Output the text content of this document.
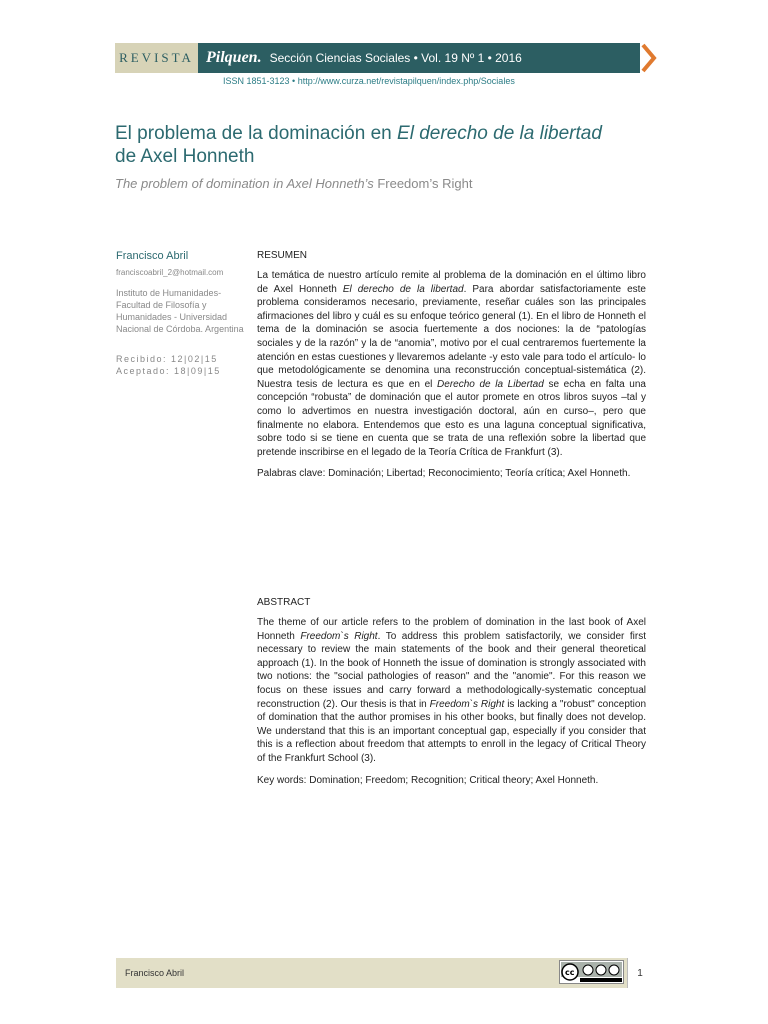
REVISTA Pilquen. Sección Ciencias Sociales • Vol. 19 Nº 1 • 2016
ISSN 1851-3123 • http://www.curza.net/revistapilquen/index.php/Sociales
El problema de la dominación en El derecho de la libertad
de Axel Honneth
The problem of domination in Axel Honneth’s Freedom’s Right
Francisco Abril
franciscoabril_2@hotmail.com
Instituto de Humanidades-Facultad de Filosofía y Humanidades - Universidad Nacional de Córdoba. Argentina
Recibido: 12|02|15
Aceptado: 18|09|15
RESUMEN

La temática de nuestro artículo remite al problema de la dominación en el último libro de Axel Honneth El derecho de la libertad. Para abordar satisfactoriamente este problema consideramos necesario, previamente, reseñar cuáles son las principales afirmaciones del libro y cuál es su enfoque teórico general (1). En el libro de Honneth el tema de la dominación se asocia fuertemente a dos nociones: la de “patologías sociales y de la razón” y la de “anomia”, motivo por el cual centraremos fuertemente la atención en estas cuestiones y llevaremos adelante -y esto vale para todo el artículo- lo que metodológicamente se denomina una reconstrucción conceptual-sistemática (2). Nuestra tesis de lectura es que en el Derecho de la Libertad se echa en falta una concepción “robusta” de dominación que el autor promete en otros libros suyos –tal y como lo advertimos en nuestra investigación doctoral, aún en curso–, pero que finalmente no elabora. Entendemos que esto es una laguna conceptual significativa, sobre todo si se tiene en cuenta que se trata de una reflexión sobre la libertad que pretende inscribirse en el legado de la Teoría Crítica de Frankfurt (3).

Palabras clave: Dominación; Libertad; Reconocimiento; Teoría crítica; Axel Honneth.
ABSTRACT

The theme of our article refers to the problem of domination in the last book of Axel Honneth Freedom`s Right. To address this problem satisfactorily, we consider first necessary to review the main statements of the book and their general theoretical approach (1). In the book of Honneth the issue of domination is strongly associated with two notions: the "social pathologies of reason" and the "anomie". For this reason we focus on these issues and carry forward a methodologically-systematic conceptual reconstruction (2). Our thesis is that in Freedom`s Right is lacking a "robust" conception of domination that the author promises in his other books, but finally does not develop. We understand that this is an important conceptual gap, especially if you consider that this is a reflection about freedom that attempts to enroll in the legacy of Critical Theory of the Frankfurt School (3).

Key words: Domination; Freedom; Recognition; Critical theory; Axel Honneth.
Francisco Abril	cc	1
